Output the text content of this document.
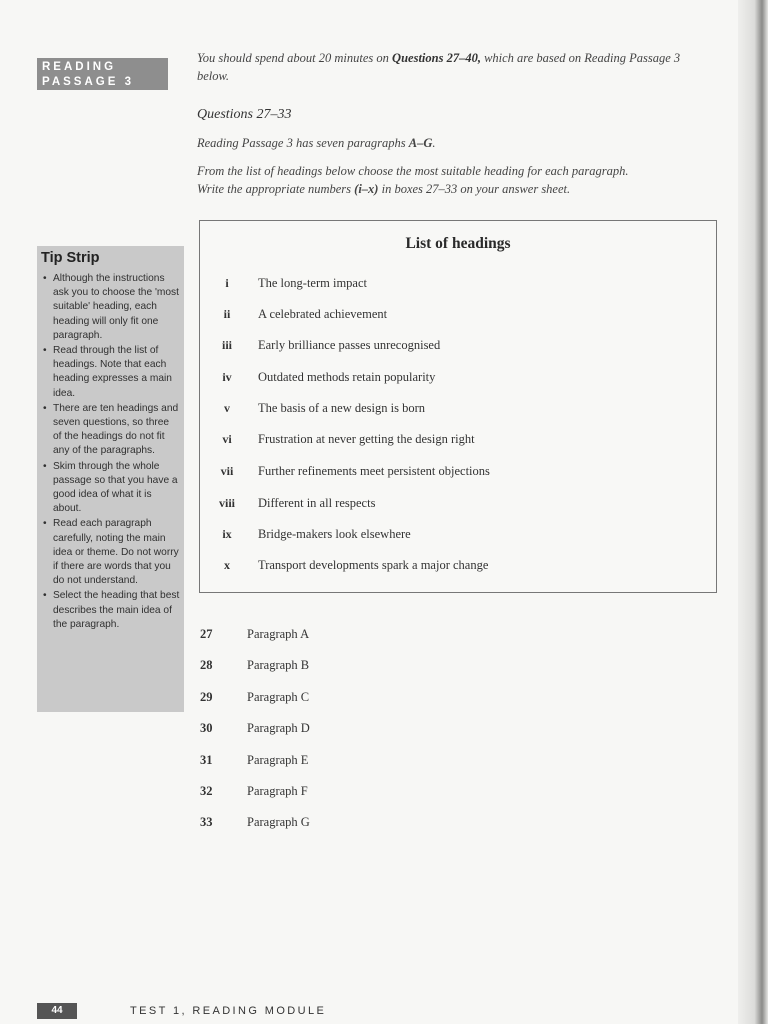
READING
PASSAGE 3
You should spend about 20 minutes on Questions 27–40, which are based on Reading Passage 3 below.
Questions 27–33
Reading Passage 3 has seven paragraphs A–G.
From the list of headings below choose the most suitable heading for each paragraph.
Write the appropriate numbers (i–x) in boxes 27–33 on your answer sheet.
Tip Strip
• Although the instructions ask you to choose the 'most suitable' heading, each heading will only fit one paragraph.
• Read through the list of headings. Note that each heading expresses a main idea.
• There are ten headings and seven questions, so three of the headings do not fit any of the paragraphs.
• Skim through the whole passage so that you have a good idea of what it is about.
• Read each paragraph carefully, noting the main idea or theme. Do not worry if there are words that you do not understand.
• Select the heading that best describes the main idea of the paragraph.
List of headings
i	The long-term impact
ii	A celebrated achievement
iii	Early brilliance passes unrecognised
iv	Outdated methods retain popularity
v	The basis of a new design is born
vi	Frustration at never getting the design right
vii	Further refinements meet persistent objections
viii	Different in all respects
ix	Bridge-makers look elsewhere
x	Transport developments spark a major change
27	Paragraph A
28	Paragraph B
29	Paragraph C
30	Paragraph D
31	Paragraph E
32	Paragraph F
33	Paragraph G
44	TEST 1, READING MODULE
